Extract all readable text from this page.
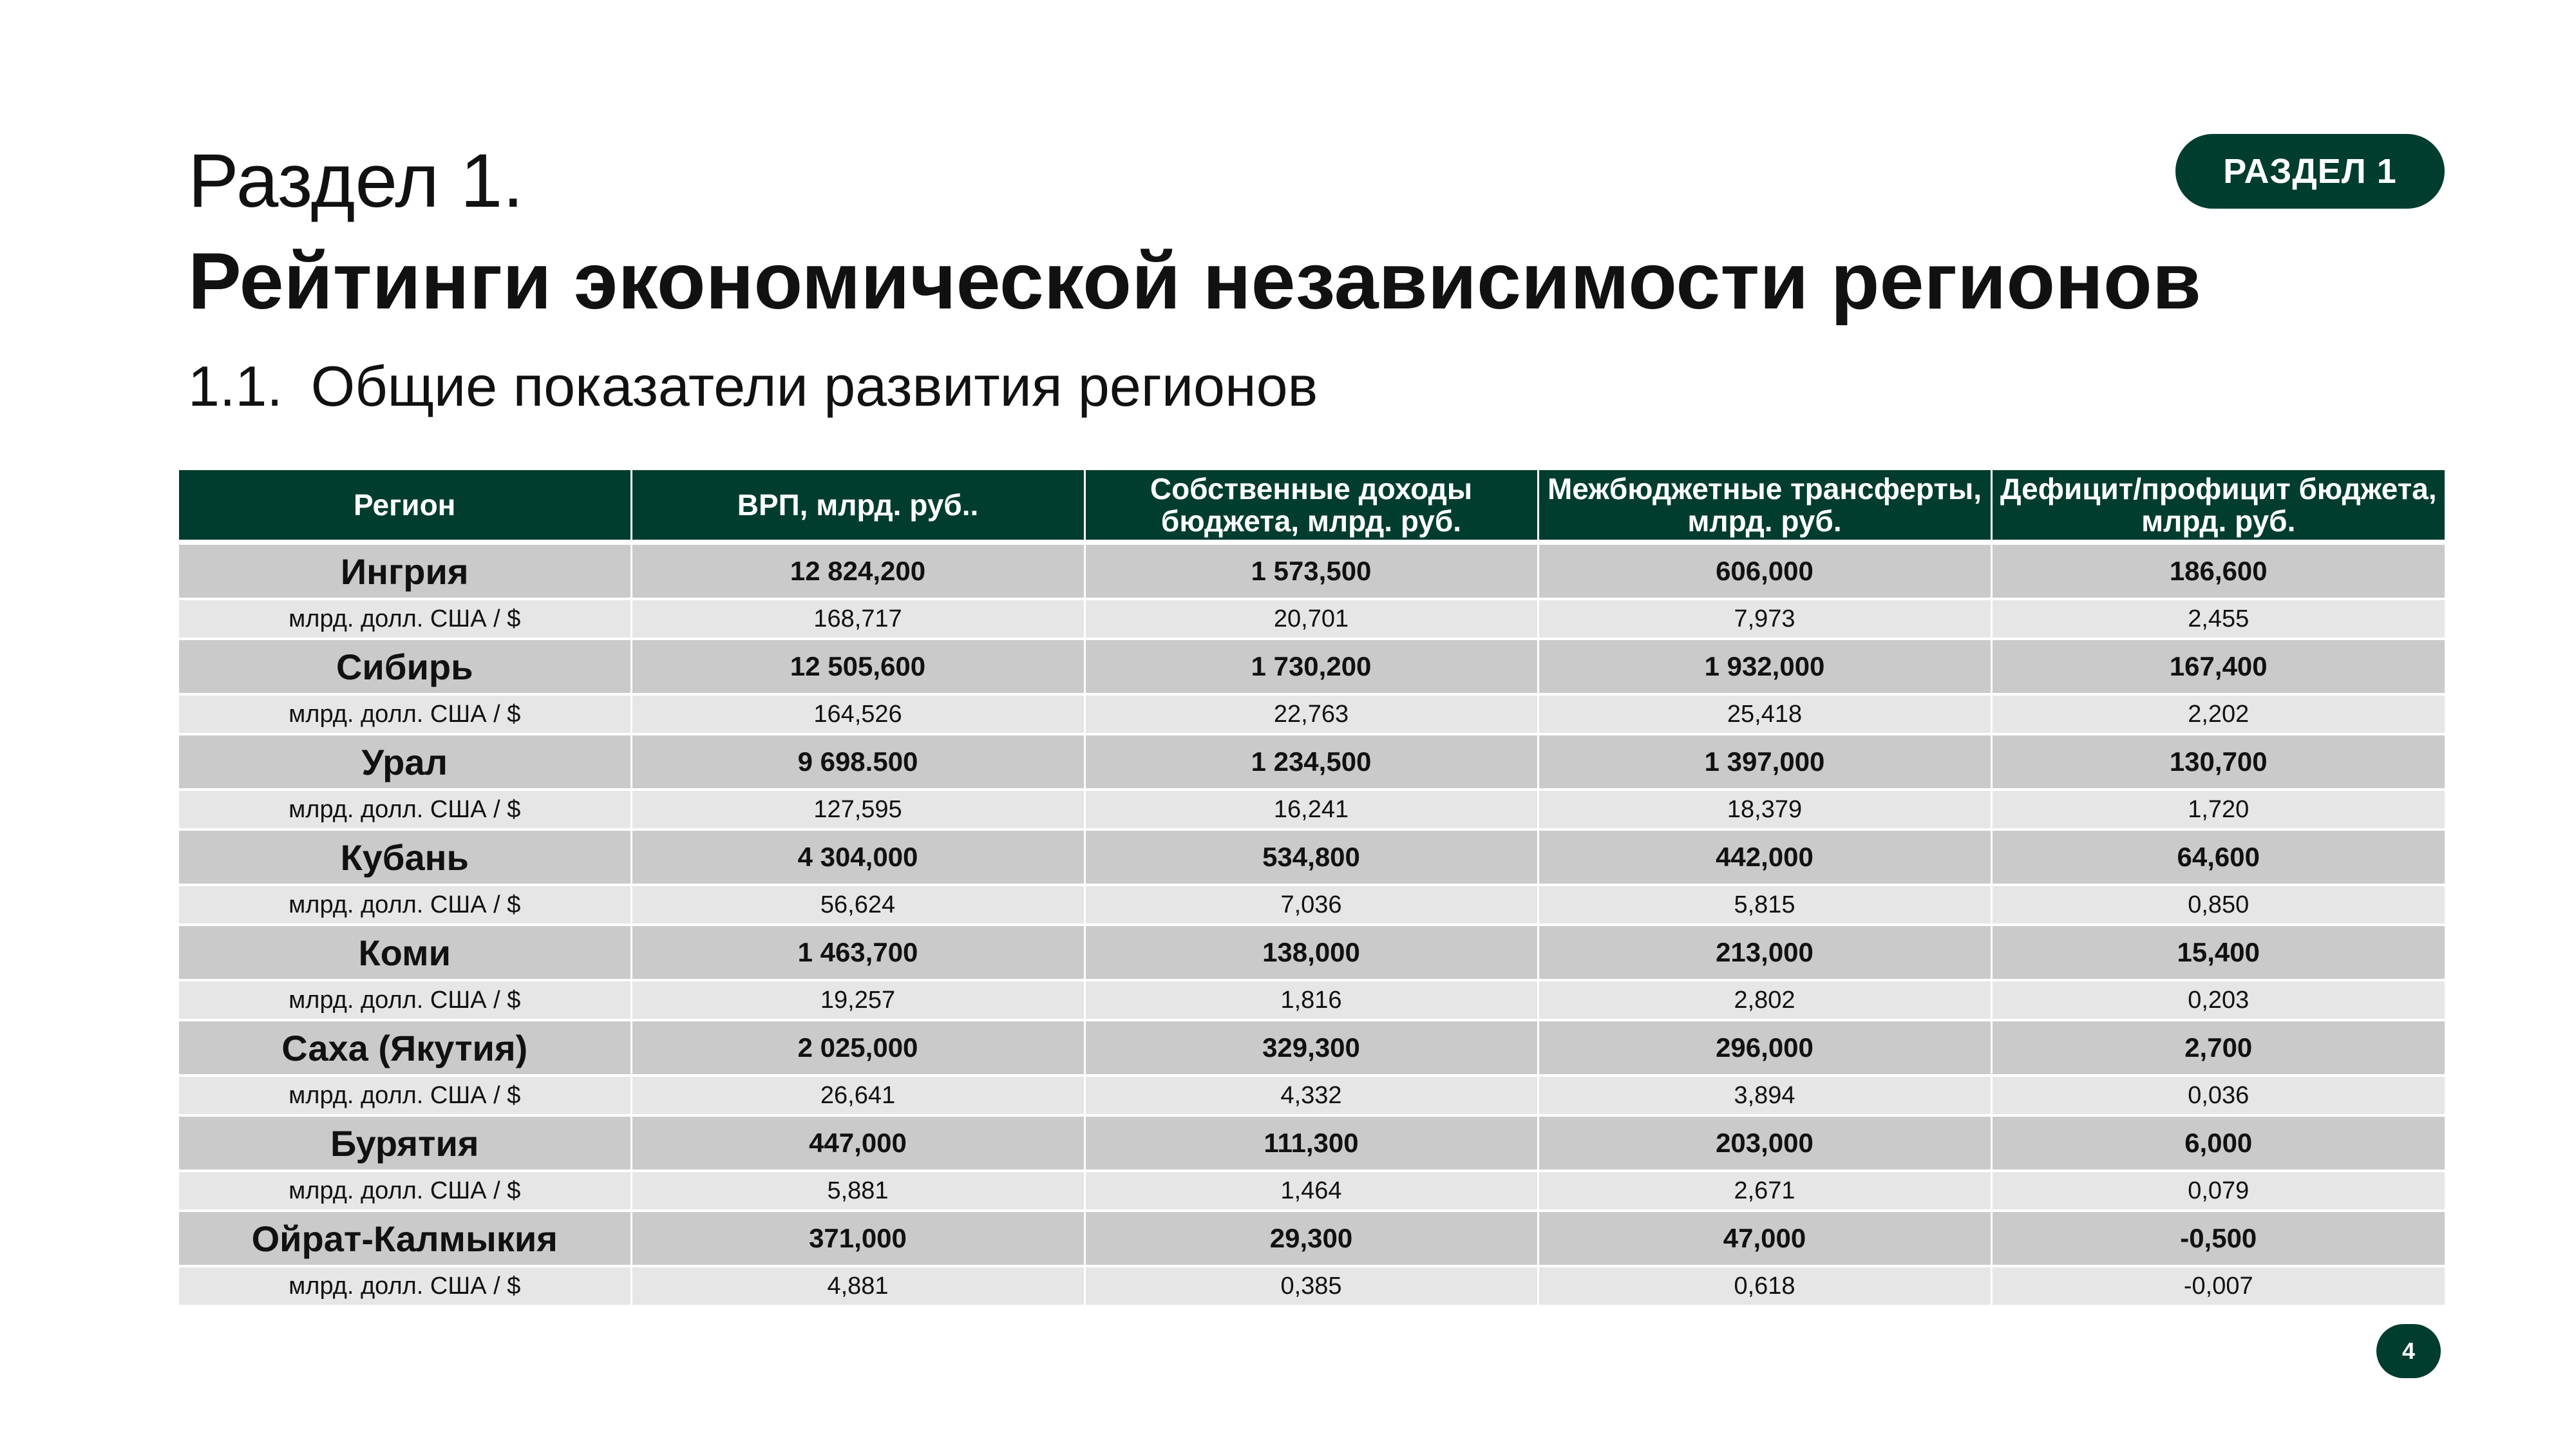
Раздел 1.
Рейтинги экономической независимости регионов
1.1. Общие показатели развития регионов
РАЗДЕЛ 1
Регион	ВРП, млрд. руб..	Собственные доходы бюджета, млрд. руб.	Межбюджетные трансферты, млрд. руб.	Дефицит/профицит бюджета, млрд. руб.
Ингрия	12 824,200	1 573,500	606,000	186,600
млрд. долл. США / $	168,717	20,701	7,973	2,455
Сибирь	12 505,600	1 730,200	1 932,000	167,400
млрд. долл. США / $	164,526	22,763	25,418	2,202
Урал	9 698.500	1 234,500	1 397,000	130,700
млрд. долл. США / $	127,595	16,241	18,379	1,720
Кубань	4 304,000	534,800	442,000	64,600
млрд. долл. США / $	56,624	7,036	5,815	0,850
Коми	1 463,700	138,000	213,000	15,400
млрд. долл. США / $	19,257	1,816	2,802	0,203
Саха (Якутия)	2 025,000	329,300	296,000	2,700
млрд. долл. США / $	26,641	4,332	3,894	0,036
Бурятия	447,000	111,300	203,000	6,000
млрд. долл. США / $	5,881	1,464	2,671	0,079
Ойрат-Калмыкия	371,000	29,300	47,000	-0,500
млрд. долл. США / $	4,881	0,385	0,618	-0,007
4
